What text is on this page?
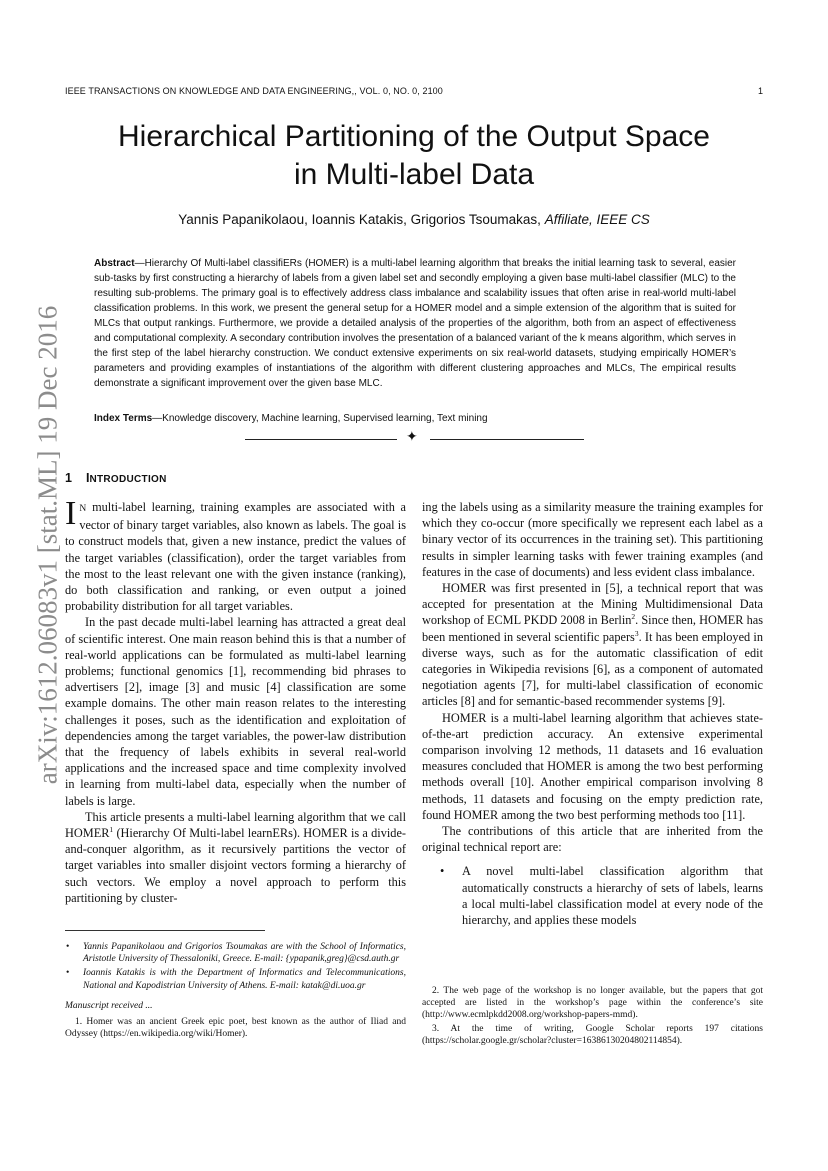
IEEE TRANSACTIONS ON KNOWLEDGE AND DATA ENGINEERING,, VOL. 0, NO. 0, 2100	1
Hierarchical Partitioning of the Output Space
in Multi-label Data
Yannis Papanikolaou, Ioannis Katakis, Grigorios Tsoumakas, Affiliate, IEEE CS
Abstract—Hierarchy Of Multi-label classifiERs (HOMER) is a multi-label learning algorithm that breaks the initial learning task to several, easier sub-tasks by first constructing a hierarchy of labels from a given label set and secondly employing a given base multi-label classifier (MLC) to the resulting sub-problems. The primary goal is to effectively address class imbalance and scalability issues that often arise in real-world multi-label classification problems. In this work, we present the general setup for a HOMER model and a simple extension of the algorithm that is suited for MLCs that output rankings. Furthermore, we provide a detailed analysis of the properties of the algorithm, both from an aspect of effectiveness and computational complexity. A secondary contribution involves the presentation of a balanced variant of the k means algorithm, which serves in the first step of the label hierarchy construction. We conduct extensive experiments on six real-world datasets, studying empirically HOMER’s parameters and providing examples of instantiations of the algorithm with different clustering approaches and MLCs, The empirical results demonstrate a significant improvement over the given base MLC.
Index Terms—Knowledge discovery, Machine learning, Supervised learning, Text mining
✦
arXiv:1612.06083v1 [stat.ML] 19 Dec 2016 1 INTRODUCTION

I N multi-label learning, training examples are associated with a vector of binary target variables, also known as labels. The goal is to construct models that, given a new instance, predict the values of the target variables (classification), order the target variables from the most to the least relevant one with the given instance (ranking), do both classification and ranking, or even output a joined probability distribution for all target variables.

In the past decade multi-label learning has attracted a great deal of scientific interest. One main reason behind this is that a number of real-world applications can be formulated as multi-label learning problems; functional genomics [1], recommending bid phrases to advertisers [2], image [3] and music [4] classification are some example domains. The other main reason relates to the interesting challenges it poses, such as the identification and exploitation of dependencies among the target variables, the power-law distribution that the frequency of labels exhibits in several real-world applications and the increased space and time complexity involved in learning from multi-label data, especially when the number of labels is large.

This article presents a multi-label learning algorithm that we call HOMER$^1$ (Hierarchy Of Multi-label learnERs). HOMER is a divide-and-conquer algorithm, as it recursively partitions the vector of target variables into smaller disjoint vectors forming a hierarchy of such vectors. We employ a novel approach to perform this partitioning by cluster-

ing the labels using as a similarity measure the training examples for which they co-occur (more specifically we represent each label as a binary vector of its occurrences in the training set). This partitioning results in simpler learning tasks with fewer training examples (and features in the case of documents) and less evident class imbalance.

HOMER was first presented in [5], a technical report that was accepted for presentation at the Mining Multidimensional Data workshop of ECML PKDD 2008 in Berlin$^2$. Since then, HOMER has been mentioned in several scientific papers$^3$. It has been employed in diverse ways, such as for the automatic classification of edit categories in Wikipedia revisions [6], as a component of automated negotiation agents [7], for multi-label classification of economic articles [8] and for semantic-based recommender systems [9].

HOMER is a multi-label learning algorithm that achieves state-of-the-art prediction accuracy. An extensive experimental comparison involving 12 methods, 11 datasets and 16 evaluation measures concluded that HOMER is among the two best performing methods overall [10]. Another empirical comparison involving 8 methods, 11 datasets and focusing on the empty prediction rate, found HOMER among the two best performing methods too [11].

The contributions of this article that are inherited from the original technical report are:

• A novel multi-label classification algorithm that automatically constructs a hierarchy of sets of labels, learns a local multi-label classification model at every node of the hierarchy, and applies these models
• Yannis Papanikolaou and Grigorios Tsoumakas are with the School of Informatics, Aristotle University of Thessaloniki, Greece. E-mail: {ypapanik,greg}@csd.auth.gr
• Ioannis Katakis is with the Department of Informatics and Telecommunications, National and Kapodistrian University of Athens. E-mail: katak@di.uoa.gr
Manuscript received ...
1. Homer was an ancient Greek epic poet, best known as the author of Iliad and Odyssey (https://en.wikipedia.org/wiki/Homer).
2. The web page of the workshop is no longer available, but the papers that got accepted are listed in the workshop’s page within the conference’s site (http://www.ecmlpkdd2008.org/workshop-papers-mmd).
3. At the time of writing, Google Scholar reports 197 citations (https://scholar.google.gr/scholar?cluster=16386130204802114854).
